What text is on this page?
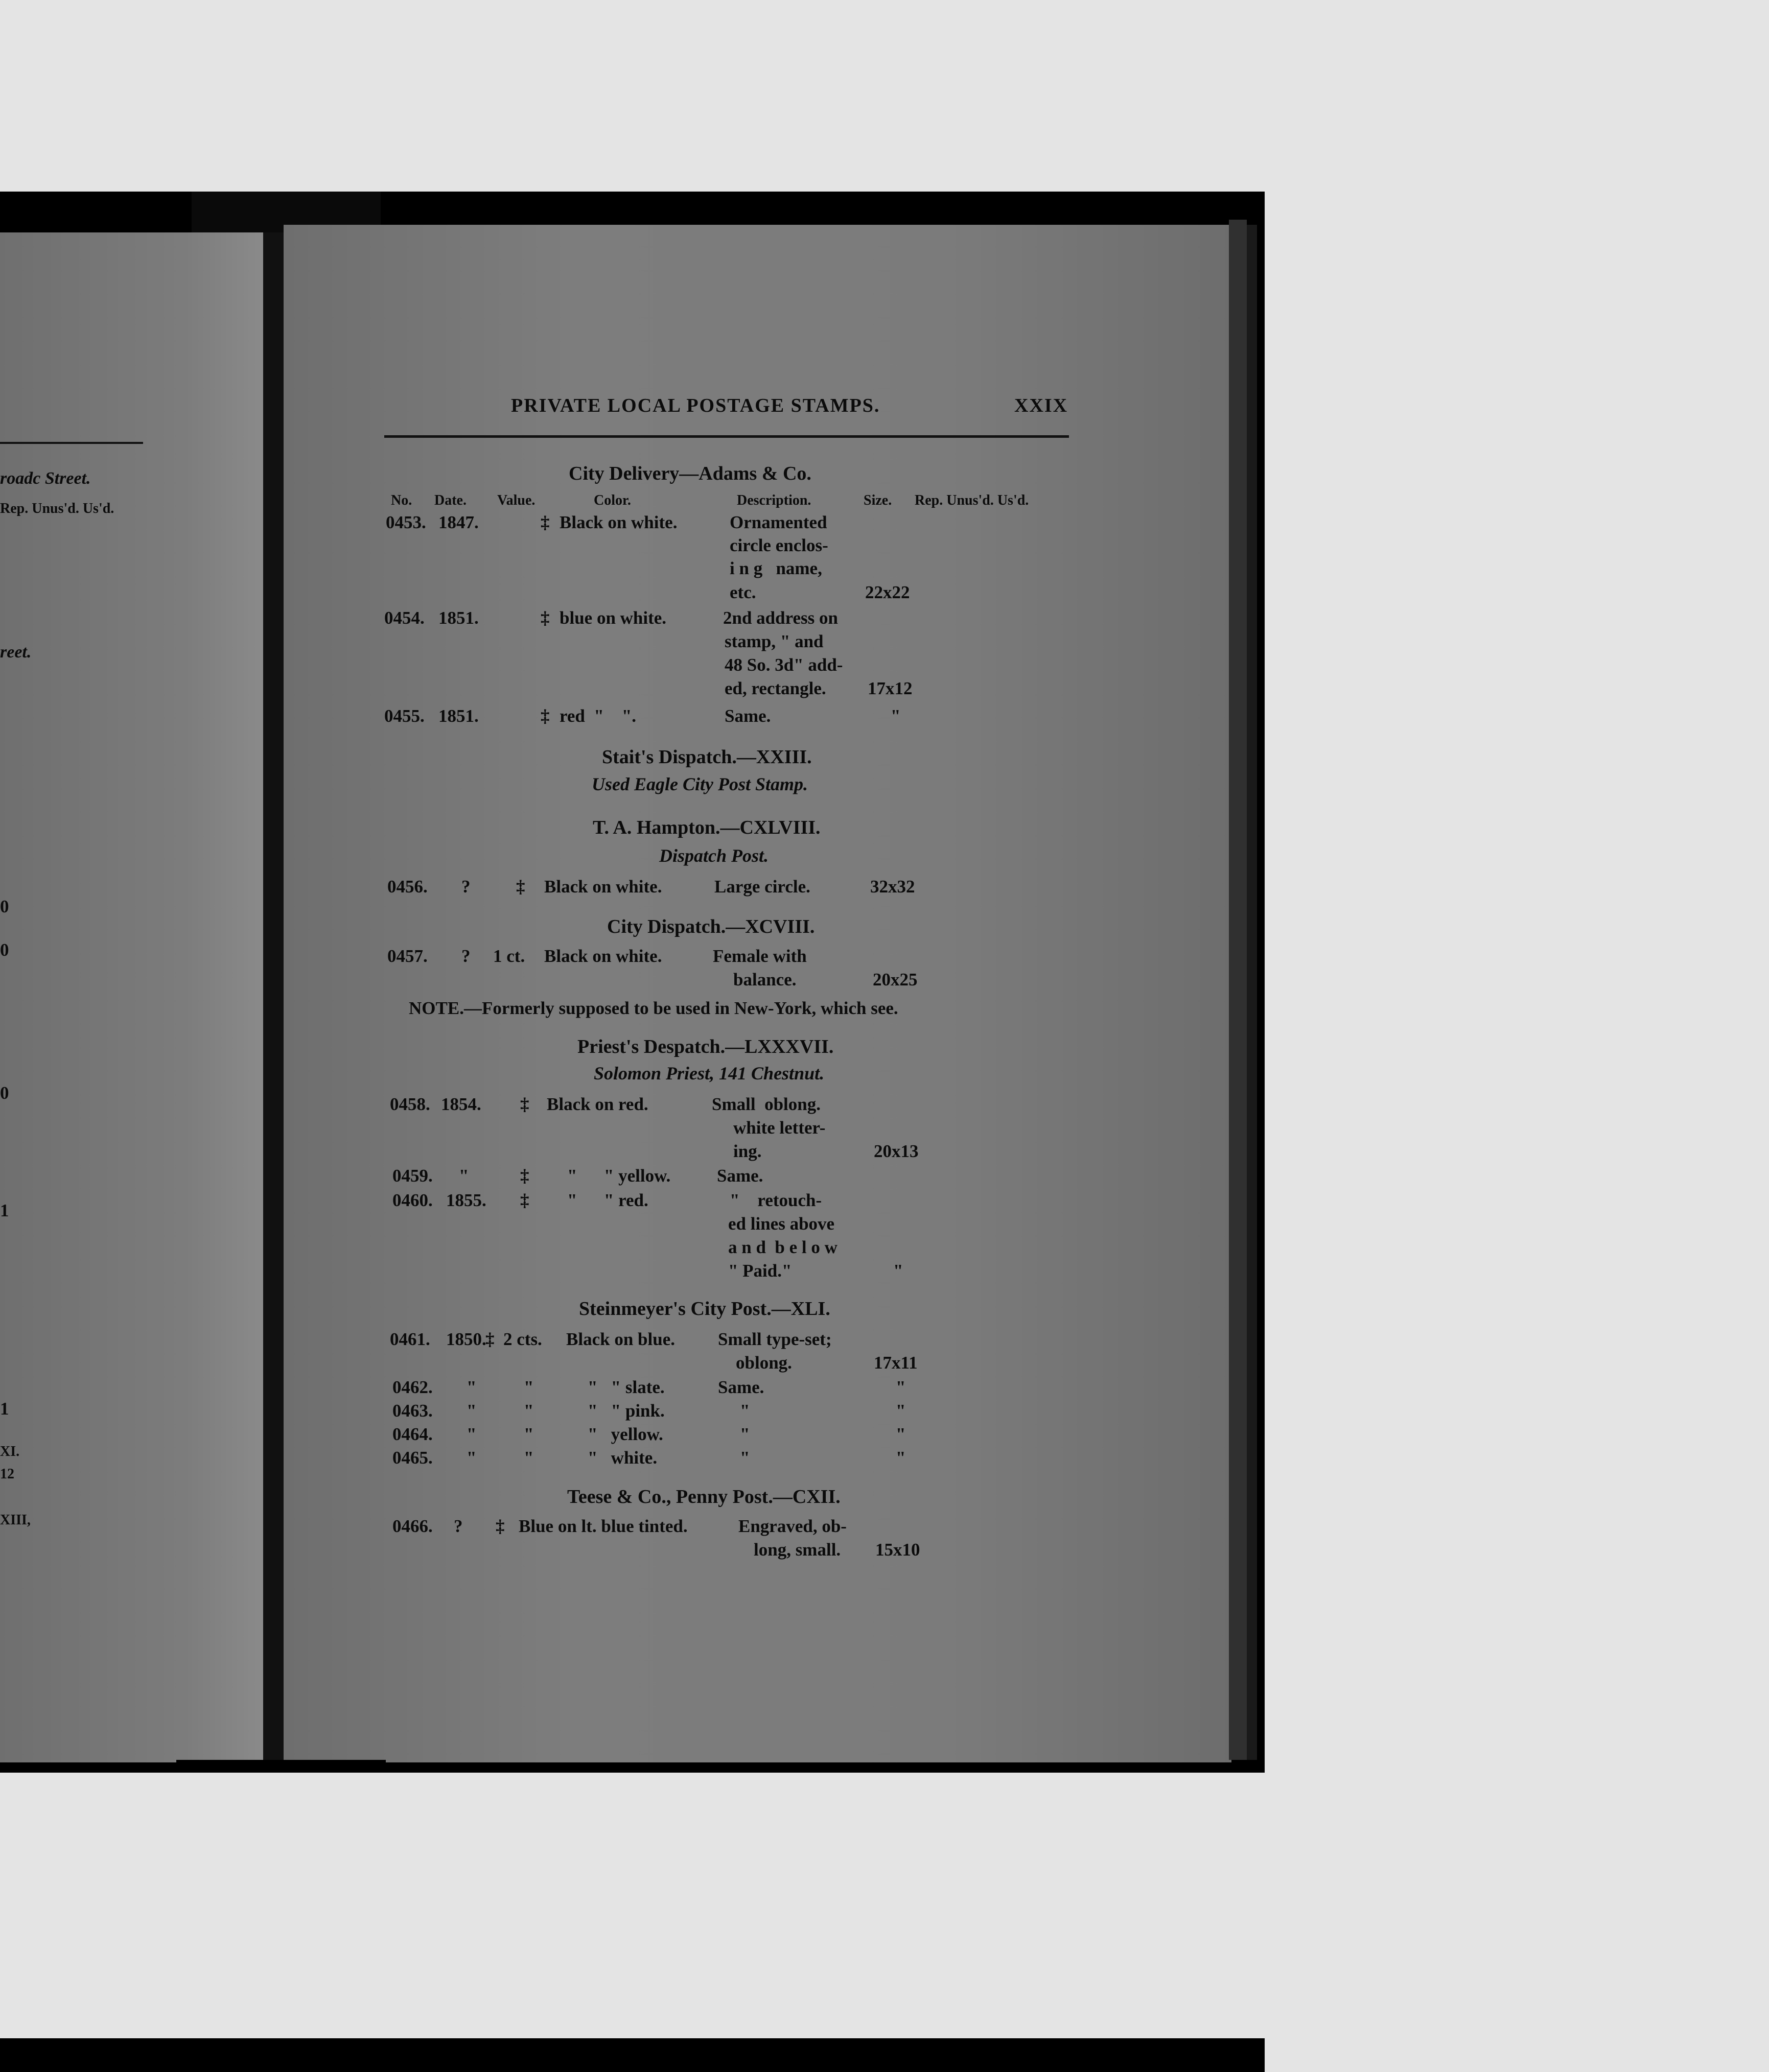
roadc Street.
Rep. Unus'd. Us'd.
reet.
0
0
0
1
1
XI.
12
XIII,
PRIVATE LOCAL POSTAGE STAMPS.	XXIX
City Delivery—Adams & Co.
No. Date. Value.	Color.	Description.	Size. Rep. Unus'd. Us'd.
0453. 1847.	‡ Black on white.	Ornamented
circle enclos-
i n g   name,
etc.	22x22
0454. 1851.	‡ blue on white.	2nd address on
stamp, " and
48 So. 3d" add-
ed, rectangle. 17x12
0455. 1851.	‡ red  "    ".	Same.	"
Stait's Dispatch.—XXIII.
Used Eagle City Post Stamp.
T. A. Hampton.—CXLVIII.
Dispatch Post.
0456. ?	‡ Black on white.	Large circle.	32x32
City Dispatch.—XCVIII.
0457. ? 1 ct. Black on white.	Female with
balance.	20x25
NOTE.—Formerly supposed to be used in New-York, which see.
Priest's Despatch.—LXXXVII.
Solomon Priest, 141 Chestnut.
0458. 1854. ‡ Black on red.	Small  oblong.
white letter-
ing.	20x13
0459. "	‡ "      " yellow.	Same.
0460. 1855. ‡ "      " red.	"    retouch-
ed lines above
a n d  b e l o w
" Paid."	"
Steinmeyer's City Post.—XLI.
0461. 1850.
‡  2 cts. Black on blue. Small type-set;
oblong.	17x11
0462. "	"	"   " slate.	Same.	"
0463. "	"	"   " pink.	"	"
0464. "	"	"   yellow.	"	"
0465. "	"	"   white.	"	"
Teese & Co., Penny Post.—CXII.
0466. ? ‡ Blue on lt. blue tinted.	Engraved, ob-
long, small. 15x10
